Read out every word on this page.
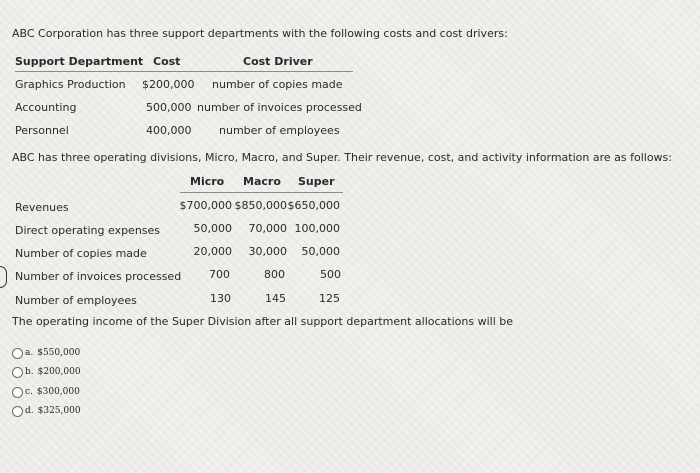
ABC Corporation has three support departments with the following costs and cost drivers:
Support Department Cost	Cost Driver
Graphics Production $200,000 number of copies made
Accounting	500,000 number of invoices processed
Personnel	400,000	number of employees
ABC has three operating divisions, Micro, Macro, and Super. Their revenue, cost, and activity information are as follows:
Micro Macro Super
Revenues	$700,000 $850,000 $650,000
Direct operating expenses	50,000	70,000 100,000
Number of copies made	20,000	30,000	50,000
Number of invoices processed	700	800	500
Number of employees	130	145	125
The operating income of the Super Division after all support department allocations will be
a. $550,000
b. $200,000
c. $300,000
d. $325,000
